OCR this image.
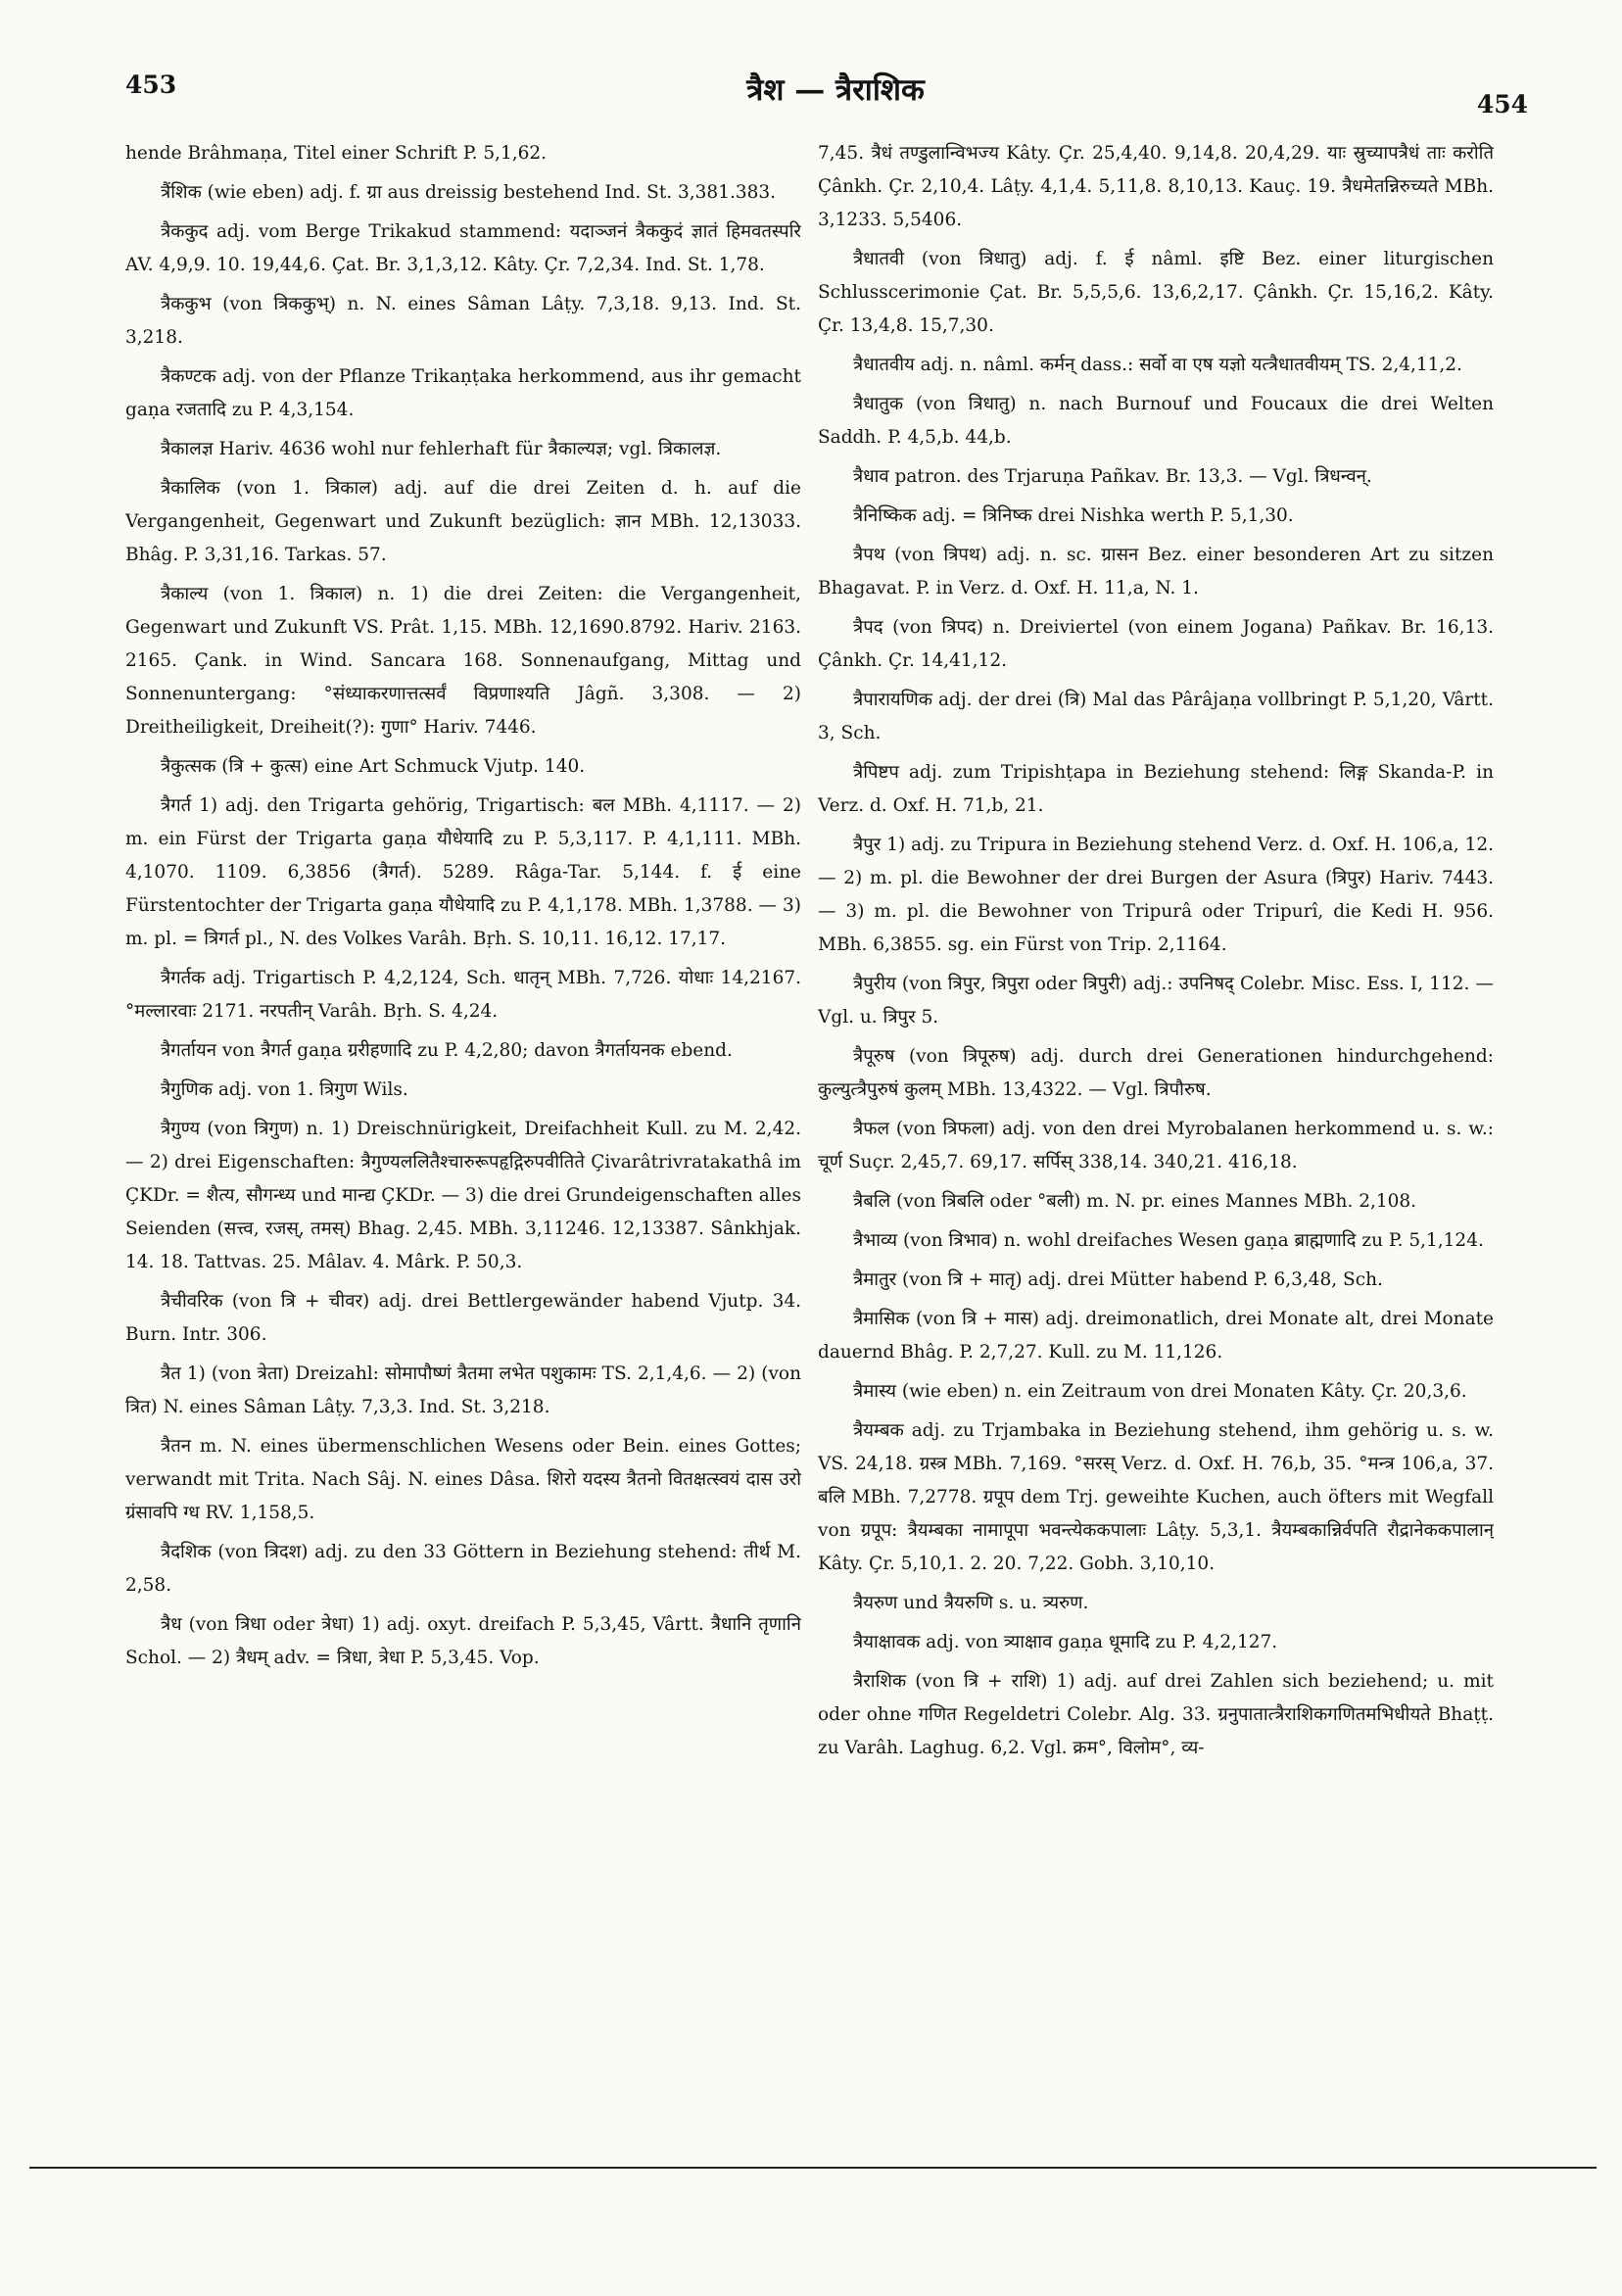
453	त्रैश — त्रैराशिक	454

hende Brâhmaṇa, Titel einer Schrift P. 5,1,62.

त्रैंशिक (wie eben) adj. f. ग्रा aus dreissig bestehend Ind. St. 3,381.383.

त्रैककुद adj. vom Berge Trikakud stammend: यदाञ्जनं त्रैककुदं ज्ञातं हिमवतस्परि AV. 4,9,9. 10. 19,44,6. Çat. Br. 3,1,3,12. Kâty. Çr. 7,2,34. Ind. St. 1,78.

त्रैककुभ (von त्रिककुभ्) n. N. eines Sâman Lâṭy. 7,3,18. 9,13. Ind. St. 3,218.

त्रैकण्टक adj. von der Pflanze Trikaṇṭaka herkommend, aus ihr gemacht gaṇa रजतादि zu P. 4,3,154.

त्रैकालज्ञ Hariv. 4636 wohl nur fehlerhaft für त्रैकाल्यज्ञ; vgl. त्रिकालज्ञ.

त्रैकालिक (von 1. त्रिकाल) adj. auf die drei Zeiten d. h. auf die Vergangenheit, Gegenwart und Zukunft bezüglich: ज्ञान MBh. 12,13033. Bhâg. P. 3,31,16. Tarkas. 57.

त्रैकाल्य (von 1. त्रिकाल) n. 1) die drei Zeiten: die Vergangenheit, Gegenwart und Zukunft VS. Prât. 1,15. MBh. 12,1690.8792. Hariv. 2163. 2165. Çank. in Wind. Sancara 168. Sonnenaufgang, Mittag und Sonnenuntergang: °संध्याकरणात्तत्सर्वं विप्रणाश्यति Jâgñ. 3,308. — 2) Dreitheiligkeit, Dreiheit(?): गुणा° Hariv. 7446.

त्रैकुत्सक (त्रि + कुत्स) eine Art Schmuck Vjutp. 140.

त्रैगर्त 1) adj. den Trigarta gehörig, Trigartisch: बल MBh. 4,1117. — 2) m. ein Fürst der Trigarta gaṇa यौधेयादि zu P. 5,3,117. P. 4,1,111. MBh. 4,1070. 1109. 6,3856 (त्रैगर्त). 5289. Râga-Tar. 5,144. f. ई eine Fürstentochter der Trigarta gaṇa यौधेयादि zu P. 4,1,178. MBh. 1,3788. — 3) m. pl. = त्रिगर्त pl., N. des Volkes Varâh. Bṛh. S. 10,11. 16,12. 17,17.

त्रैगर्तक adj. Trigartisch P. 4,2,124, Sch. धातृन् MBh. 7,726. योधाः 14,2167. °मल्लारवाः 2171. नरपतीन् Varâh. Bṛh. S. 4,24.

त्रैगर्तायन von त्रैगर्त gaṇa ग्ररीहणादि zu P. 4,2,80; davon त्रैगर्तायनक ebend.

त्रैगुणिक adj. von 1. त्रिगुण Wils.

त्रैगुण्य (von त्रिगुण) n. 1) Dreischnürigkeit, Dreifachheit Kull. zu M. 2,42. — 2) drei Eigenschaften: त्रैगुण्यललितैश्चारुरूपहृद्गिरुपवीतिते Çivarâtrivratakathâ im ÇKDr. = शैत्य, सौगन्ध्य und मान्द्य ÇKDr. — 3) die drei Grundeigenschaften alles Seienden (सत्त्व, रजस्, तमस्) Bhag. 2,45. MBh. 3,11246. 12,13387. Sânkhjak. 14. 18. Tattvas. 25. Mâlav. 4. Mârk. P. 50,3.

त्रैचीवरिक (von त्रि + चीवर) adj. drei Bettlergewänder habend Vjutp. 34. Burn. Intr. 306.

त्रैत 1) (von त्रेता) Dreizahl: सोमापौष्णं त्रैतमा लभेत पशुकामः TS. 2,1,4,6. — 2) (von त्रित) N. eines Sâman Lâṭy. 7,3,3. Ind. St. 3,218.

त्रैतन m. N. eines übermenschlichen Wesens oder Bein. eines Gottes; verwandt mit Trita. Nach Sâj. N. eines Dâsa. शिरो यदस्य त्रैतनो वितक्षत्स्वयं दास उरो ग्रंसावपि ग्ध RV. 1,158,5.

त्रैदशिक (von त्रिदश) adj. zu den 33 Göttern in Beziehung stehend: तीर्थ M. 2,58.

त्रैध (von त्रिधा oder त्रेधा) 1) adj. oxyt. dreifach P. 5,3,45, Vârtt. त्रैधानि तृणानि Schol. — 2) त्रैधम् adv. = त्रिधा, त्रेधा P. 5,3,45. Vop.

7,45. त्रैधं तण्डुलान्विभज्य Kâty. Çr. 25,4,40. 9,14,8. 20,4,29. याः स्रुच्यापत्रैधं ताः करोति Çânkh. Çr. 2,10,4. Lâṭy. 4,1,4. 5,11,8. 8,10,13. Kauç. 19. त्रैधमेतन्निरुच्यते MBh. 3,1233. 5,5406.

त्रैधातवी (von त्रिधातु) adj. f. ई nâml. इष्टि Bez. einer liturgischen Schlusscerimonie Çat. Br. 5,5,5,6. 13,6,2,17. Çânkh. Çr. 15,16,2. Kâty. Çr. 13,4,8. 15,7,30.

त्रैधातवीय adj. n. nâml. कर्मन् dass.: सर्वो वा एष यज्ञो यत्त्रैधातवीयम् TS. 2,4,11,2.

त्रैधातुक (von त्रिधातु) n. nach Burnouf und Foucaux die drei Welten Saddh. P. 4,5,b. 44,b.

त्रैधाव patron. des Trjaruṇa Pañkav. Br. 13,3. — Vgl. त्रिधन्वन्.

त्रैनिष्किक adj. = त्रिनिष्क drei Nishka werth P. 5,1,30.

त्रैपथ (von त्रिपथ) adj. n. sc. ग्रासन Bez. einer besonderen Art zu sitzen Bhagavat. P. in Verz. d. Oxf. H. 11,a, N. 1.

त्रैपद (von त्रिपद) n. Dreiviertel (von einem Jogana) Pañkav. Br. 16,13. Çânkh. Çr. 14,41,12.

त्रैपारायणिक adj. der drei (त्रि) Mal das Pârâjaṇa vollbringt P. 5,1,20, Vârtt. 3, Sch.

त्रैपिष्टप adj. zum Tripishṭapa in Beziehung stehend: लिङ्ग Skanda-P. in Verz. d. Oxf. H. 71,b, 21.

त्रैपुर 1) adj. zu Tripura in Beziehung stehend Verz. d. Oxf. H. 106,a, 12. — 2) m. pl. die Bewohner der drei Burgen der Asura (त्रिपुर) Hariv. 7443. — 3) m. pl. die Bewohner von Tripurâ oder Tripurî, die Kedi H. 956. MBh. 6,3855. sg. ein Fürst von Trip. 2,1164.

त्रैपुरीय (von त्रिपुर, त्रिपुरा oder त्रिपुरी) adj.: उपनिषद् Colebr. Misc. Ess. I, 112. — Vgl. u. त्रिपुर 5.

त्रैपूरुष (von त्रिपूरुष) adj. durch drei Generationen hindurchgehend: कुल्युत्त्रैपुरुषं कुलम् MBh. 13,4322. — Vgl. त्रिपौरुष.

त्रैफल (von त्रिफला) adj. von den drei Myrobalanen herkommend u. s. w.: चूर्ण Suçr. 2,45,7. 69,17. सर्पिस् 338,14. 340,21. 416,18.

त्रैबलि (von त्रिबलि oder °बली) m. N. pr. eines Mannes MBh. 2,108.

त्रैभाव्य (von त्रिभाव) n. wohl dreifaches Wesen gaṇa ब्राह्मणादि zu P. 5,1,124.

त्रैमातुर (von त्रि + मातृ) adj. drei Mütter habend P. 6,3,48, Sch.

त्रैमासिक (von त्रि + मास) adj. dreimonatlich, drei Monate alt, drei Monate dauernd Bhâg. P. 2,7,27. Kull. zu M. 11,126.

त्रैमास्य (wie eben) n. ein Zeitraum von drei Monaten Kâty. Çr. 20,3,6.

त्रैयम्बक adj. zu Trjambaka in Beziehung stehend, ihm gehörig u. s. w. VS. 24,18. ग्रस्त्र MBh. 7,169. °सरस् Verz. d. Oxf. H. 76,b, 35. °मन्त्र 106,a, 37. बलि MBh. 7,2778. ग्रपूप dem Trj. geweihte Kuchen, auch öfters mit Wegfall von ग्रपूप: त्रैयम्बका नामापूपा भवन्त्येककपालाः Lâṭy. 5,3,1. त्रैयम्बकान्निर्वपति रौद्रानेककपालान् Kâty. Çr. 5,10,1. 2. 20. 7,22. Gobh. 3,10,10.

त्रैयरुण und त्रैयरुणि s. u. त्र्यरुण.

त्रैयाक्षावक adj. von त्र्याक्षाव gaṇa धूमादि zu P. 4,2,127.

त्रैराशिक (von त्रि + राशि) 1) adj. auf drei Zahlen sich beziehend; u. mit oder ohne गणित Regeldetri Colebr. Alg. 33. ग्रनुपातात्त्रैराशिकगणितमभिधीयते Bhaṭṭ. zu Varâh. Laghug. 6,2. Vgl. क्रम°, विलोम°, व्य-
